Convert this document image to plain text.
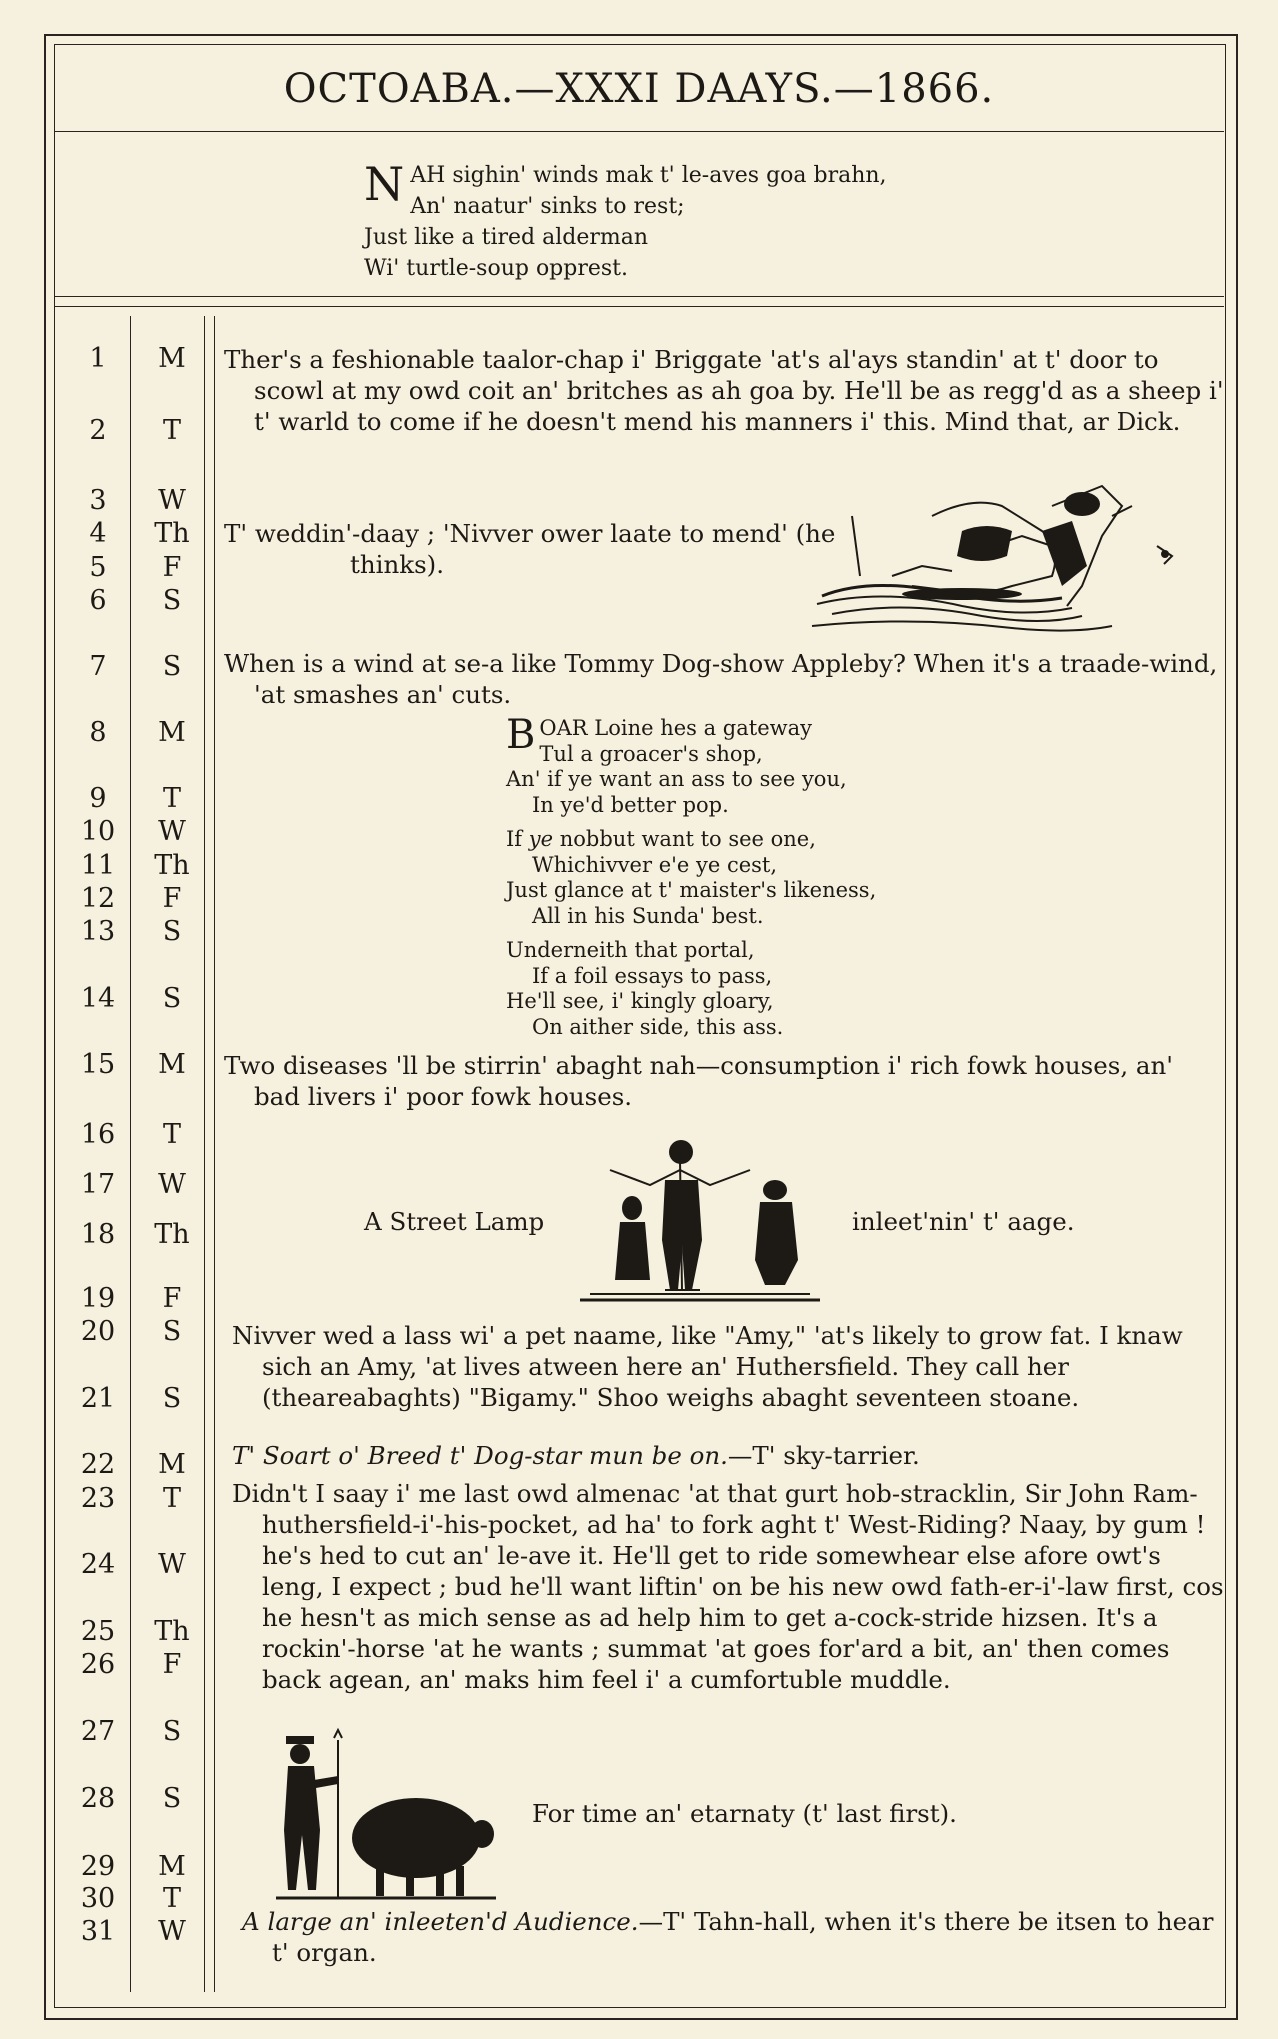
OCTOABA.—XXXI DAAYS.—1866.
N AH sighin' winds mak t' le-aves goa brahn,
An' naatur' sinks to rest;
Just like a tired alderman
Wi' turtle-soup opprest.
1	M
2	T
3	W
4	Th
5	F
6	S
7	S
8	M
9	T
10	W
11	Th
12	F
13	S
14	S
15	M
16	T
17	W
18	Th
19	F
20	S
21	S
22	M
23	T
24	W
25	Th
26	F
27	S
28	S
29	M
30	T
31	W
Ther's a feshionable taalor-chap i' Briggate 'at's al'ays standin' at t' door to scowl at my owd coit an' britches as ah goa by. He'll be as regg'd as a sheep i' t' warld to come if he doesn't mend his manners i' this. Mind that, ar Dick.
T' weddin'-daay ; 'Nivver ower laate to mend' (he thinks).
When is a wind at se-a like Tommy Dog-show Appleby? When it's a traade-wind, 'at smashes an' cuts.
B OAR Loine hes a gateway
Tul a groacer's shop,
An' if ye want an ass to see you,
In ye'd better pop.
If ye nobbut want to see one,
Whichivver e'e ye cest,
Just glance at t' maister's likeness,
All in his Sunda' best.
Underneith that portal,
If a foil essays to pass,
He'll see, i' kingly gloary,
On aither side, this ass.
Two diseases 'll be stirrin' abaght nah—consumption i' rich fowk houses, an' bad livers i' poor fowk houses.
A Street Lamp	inleet'nin' t' aage.
Nivver wed a lass wi' a pet naame, like "Amy," 'at's likely to grow fat. I knaw sich an Amy, 'at lives atween here an' Huthersfield. They call her (theareabaghts) "Bigamy." Shoo weighs abaght seventeen stoane.
T' Soart o' Breed t' Dog-star mun be on.—T' sky-tarrier.
Didn't I saay i' me last owd almenac 'at that gurt hob-stracklin, Sir John Ram-huthersfield-i'-his-pocket, ad ha' to fork aght t' West-Riding? Naay, by gum ! he's hed to cut an' le-ave it. He'll get to ride somewhear else afore owt's leng, I expect ; bud he'll want liftin' on be his new owd fath-er-i'-law first, cos he hesn't as mich sense as ad help him to get a-cock-stride hizsen. It's a rockin'-horse 'at he wants ; summat 'at goes for'ard a bit, an' then comes back agean, an' maks him feel i' a cumfortuble muddle.
For time an' etarnaty (t' last first).
A large an' inleeten'd Audience.—T' Tahn-hall, when it's there be itsen to hear t' organ.
